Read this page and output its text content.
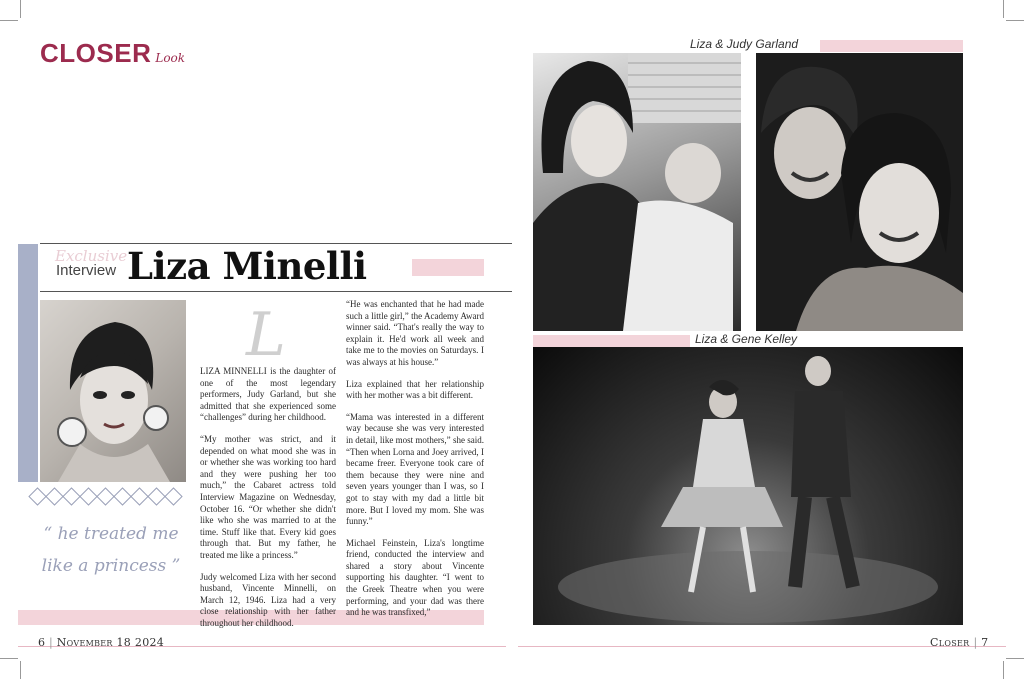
CLOSER Look
Exclusive
Interview Liza Minelli
“ he treated me like a princess ”
L

LIZA MINNELLI is the daughter of one of the most legendary performers, Judy Garland, but she admitted that she experienced some “challenges” during her childhood.

“My mother was strict, and it depended on what mood she was in or whether she was working too hard and they were pushing her too much,” the Cabaret actress told Interview Magazine on Wednesday, October 16. “Or whether she didn't like who she was married to at the time. Stuff like that. Every kid goes through that. But my father, he treated me like a princess.”

Judy welcomed Liza with her second husband, Vincente Minnelli, on March 12, 1946. Liza had a very close relationship with her father throughout her childhood.

“He was enchanted that he had made such a little girl,” the Academy Award winner said. “That's really the way to explain it. He'd work all week and take me to the movies on Saturdays. I was always at his house.”

Liza explained that her relationship with her mother was a bit different.

“Mama was interested in a different way because she was very interested in detail, like most mothers,” she said. “Then when Lorna and Joey arrived, I became freer. Everyone took care of them because they were nine and seven years younger than I was, so I got to stay with my dad a little bit more. But I loved my mom. She was funny.”

Michael Feinstein, Liza's longtime friend, conducted the interview and shared a story about Vincente supporting his daughter. “I went to the Greek Theatre when you were performing, and your dad was there and he was transfixed,”

Liza & Judy Garland
Liza & Gene Kelley
6 | November 18 2024	Closer | 7
